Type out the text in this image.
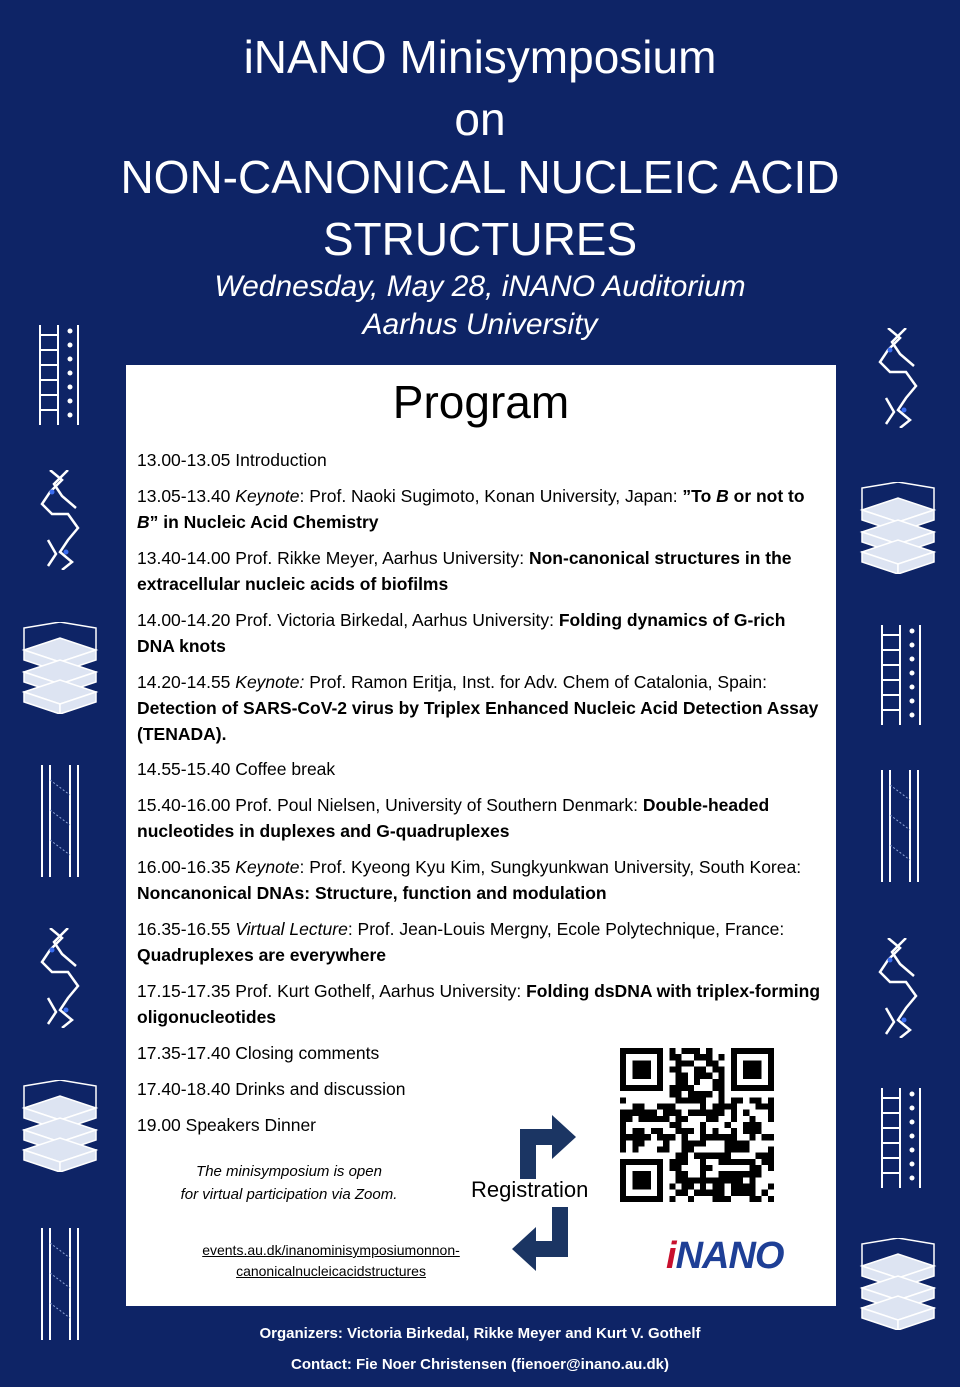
iNANO Minisymposium
on
NON-CANONICAL NUCLEIC ACID
STRUCTURES
Wednesday, May 28, iNANO Auditorium
Aarhus University
Program
13.00-13.05 Introduction
13.05-13.40 Keynote: Prof. Naoki Sugimoto, Konan University, Japan: ”To B or not to B” in Nucleic Acid Chemistry
13.40-14.00 Prof. Rikke Meyer, Aarhus University: Non-canonical structures in the extracellular nucleic acids of biofilms
14.00-14.20 Prof. Victoria Birkedal, Aarhus University: Folding dynamics of G-rich DNA knots
14.20-14.55 Keynote: Prof. Ramon Eritja, Inst. for Adv. Chem of Catalonia, Spain: Detection of SARS-CoV-2 virus by Triplex Enhanced Nucleic Acid Detection Assay (TENADA).
14.55-15.40 Coffee break
15.40-16.00 Prof. Poul Nielsen, University of Southern Denmark: Double-headed nucleotides in duplexes and G-quadruplexes
16.00-16.35 Keynote: Prof. Kyeong Kyu Kim, Sungkyunkwan University, South Korea: Noncanonical DNAs: Structure, function and modulation
16.35-16.55 Virtual Lecture: Prof. Jean-Louis Mergny, Ecole Polytechnique, France: Quadruplexes are everywhere
17.15-17.35 Prof. Kurt Gothelf, Aarhus University: Folding dsDNA with triplex-forming oligonucleotides
17.35-17.40 Closing comments
17.40-18.40 Drinks and discussion
19.00 Speakers Dinner
The minisymposium is open
for virtual participation via Zoom.
events.au.dk/inanominisymposiumonnon-
canonicalnucleicacidstructures
Registration
iNANO
Organizers: Victoria Birkedal, Rikke Meyer and Kurt V. Gothelf
Contact: Fie Noer Christensen (fienoer@inano.au.dk)
